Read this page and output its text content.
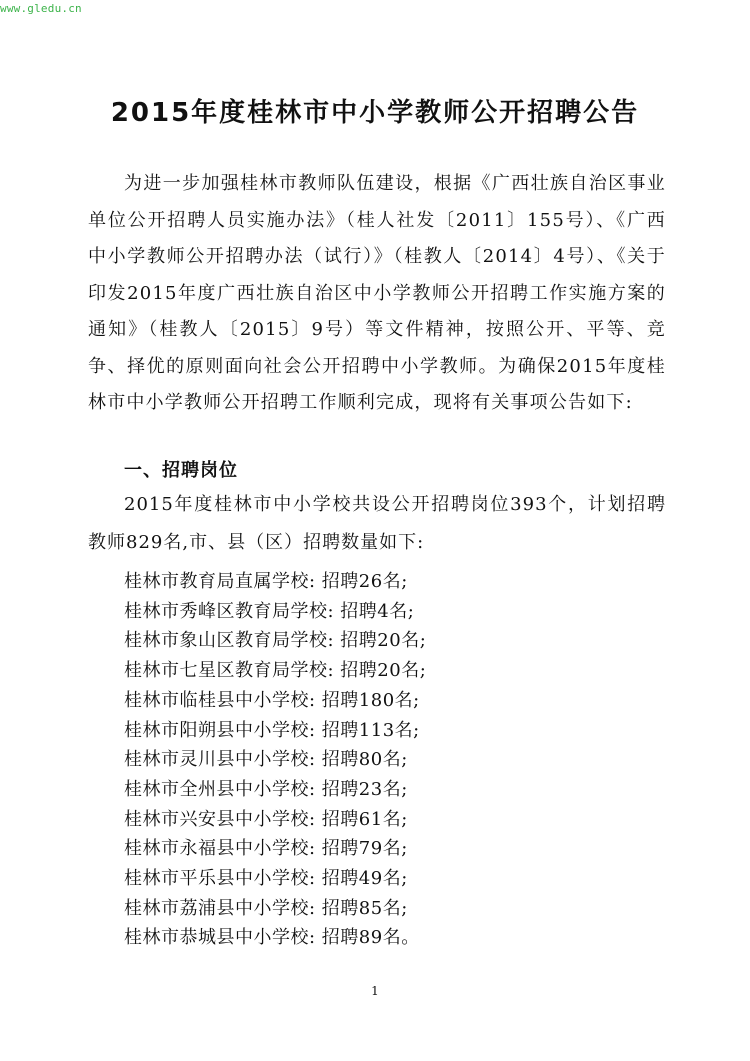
www.gledu.cn
2015年度桂林市中小学教师公开招聘公告

为进一步加强桂林市教师队伍建设，根据《广西壮族自治区事业单位公开招聘人员实施办法》（桂人社发〔2011〕155号）、《广西中小学教师公开招聘办法（试行）》（桂教人〔2014〕4号）、《关于印发2015年度广西壮族自治区中小学教师公开招聘工作实施方案的通知》（桂教人〔2015〕9号）等文件精神，按照公开、平等、竞争、择优的原则面向社会公开招聘中小学教师。为确保2015年度桂林市中小学教师公开招聘工作顺利完成，现将有关事项公告如下:

一、招聘岗位

2015年度桂林市中小学校共设公开招聘岗位393个，计划招聘教师829名,市、县（区）招聘数量如下:

桂林市教育局直属学校: 招聘26名;
桂林市秀峰区教育局学校: 招聘4名;
桂林市象山区教育局学校: 招聘20名;
桂林市七星区教育局学校: 招聘20名;
桂林市临桂县中小学校: 招聘180名;
桂林市阳朔县中小学校: 招聘113名;
桂林市灵川县中小学校: 招聘80名;
桂林市全州县中小学校: 招聘23名;
桂林市兴安县中小学校: 招聘61名;
桂林市永福县中小学校: 招聘79名;
桂林市平乐县中小学校: 招聘49名;
桂林市荔浦县中小学校: 招聘85名;
桂林市恭城县中小学校: 招聘89名。
1
